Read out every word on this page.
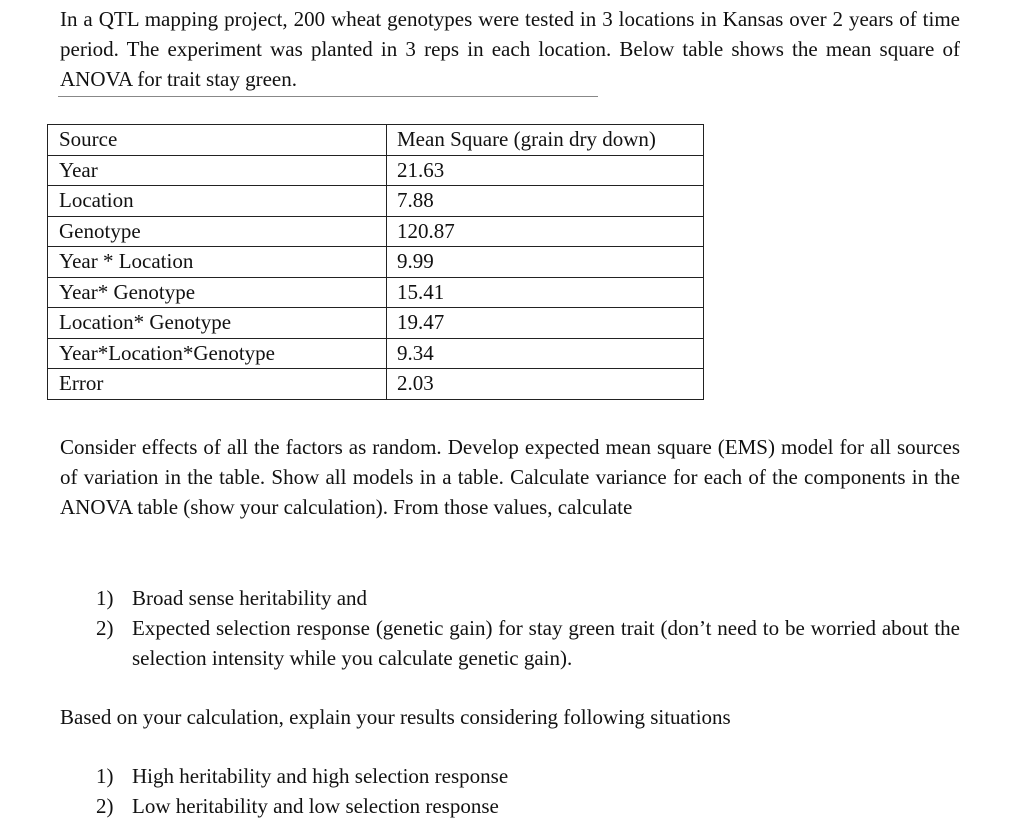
In a QTL mapping project, 200 wheat genotypes were tested in 3 locations in Kansas over 2 years of time period. The experiment was planted in 3 reps in each location. Below table shows the mean square of ANOVA for trait stay green.

Source	Mean Square (grain dry down)
Year	21.63
Location	7.88
Genotype	120.87
Year * Location	9.99
Year* Genotype	15.41
Location* Genotype	19.47
Year*Location*Genotype	9.34
Error	2.03

Consider effects of all the factors as random. Develop expected mean square (EMS) model for all sources of variation in the table. Show all models in a table. Calculate variance for each of the components in the ANOVA table (show your calculation). From those values, calculate

1) Broad sense heritability and
2) Expected selection response (genetic gain) for stay green trait (don’t need to be worried about the selection intensity while you calculate genetic gain).

Based on your calculation, explain your results considering following situations

1) High heritability and high selection response
2) Low heritability and low selection response
